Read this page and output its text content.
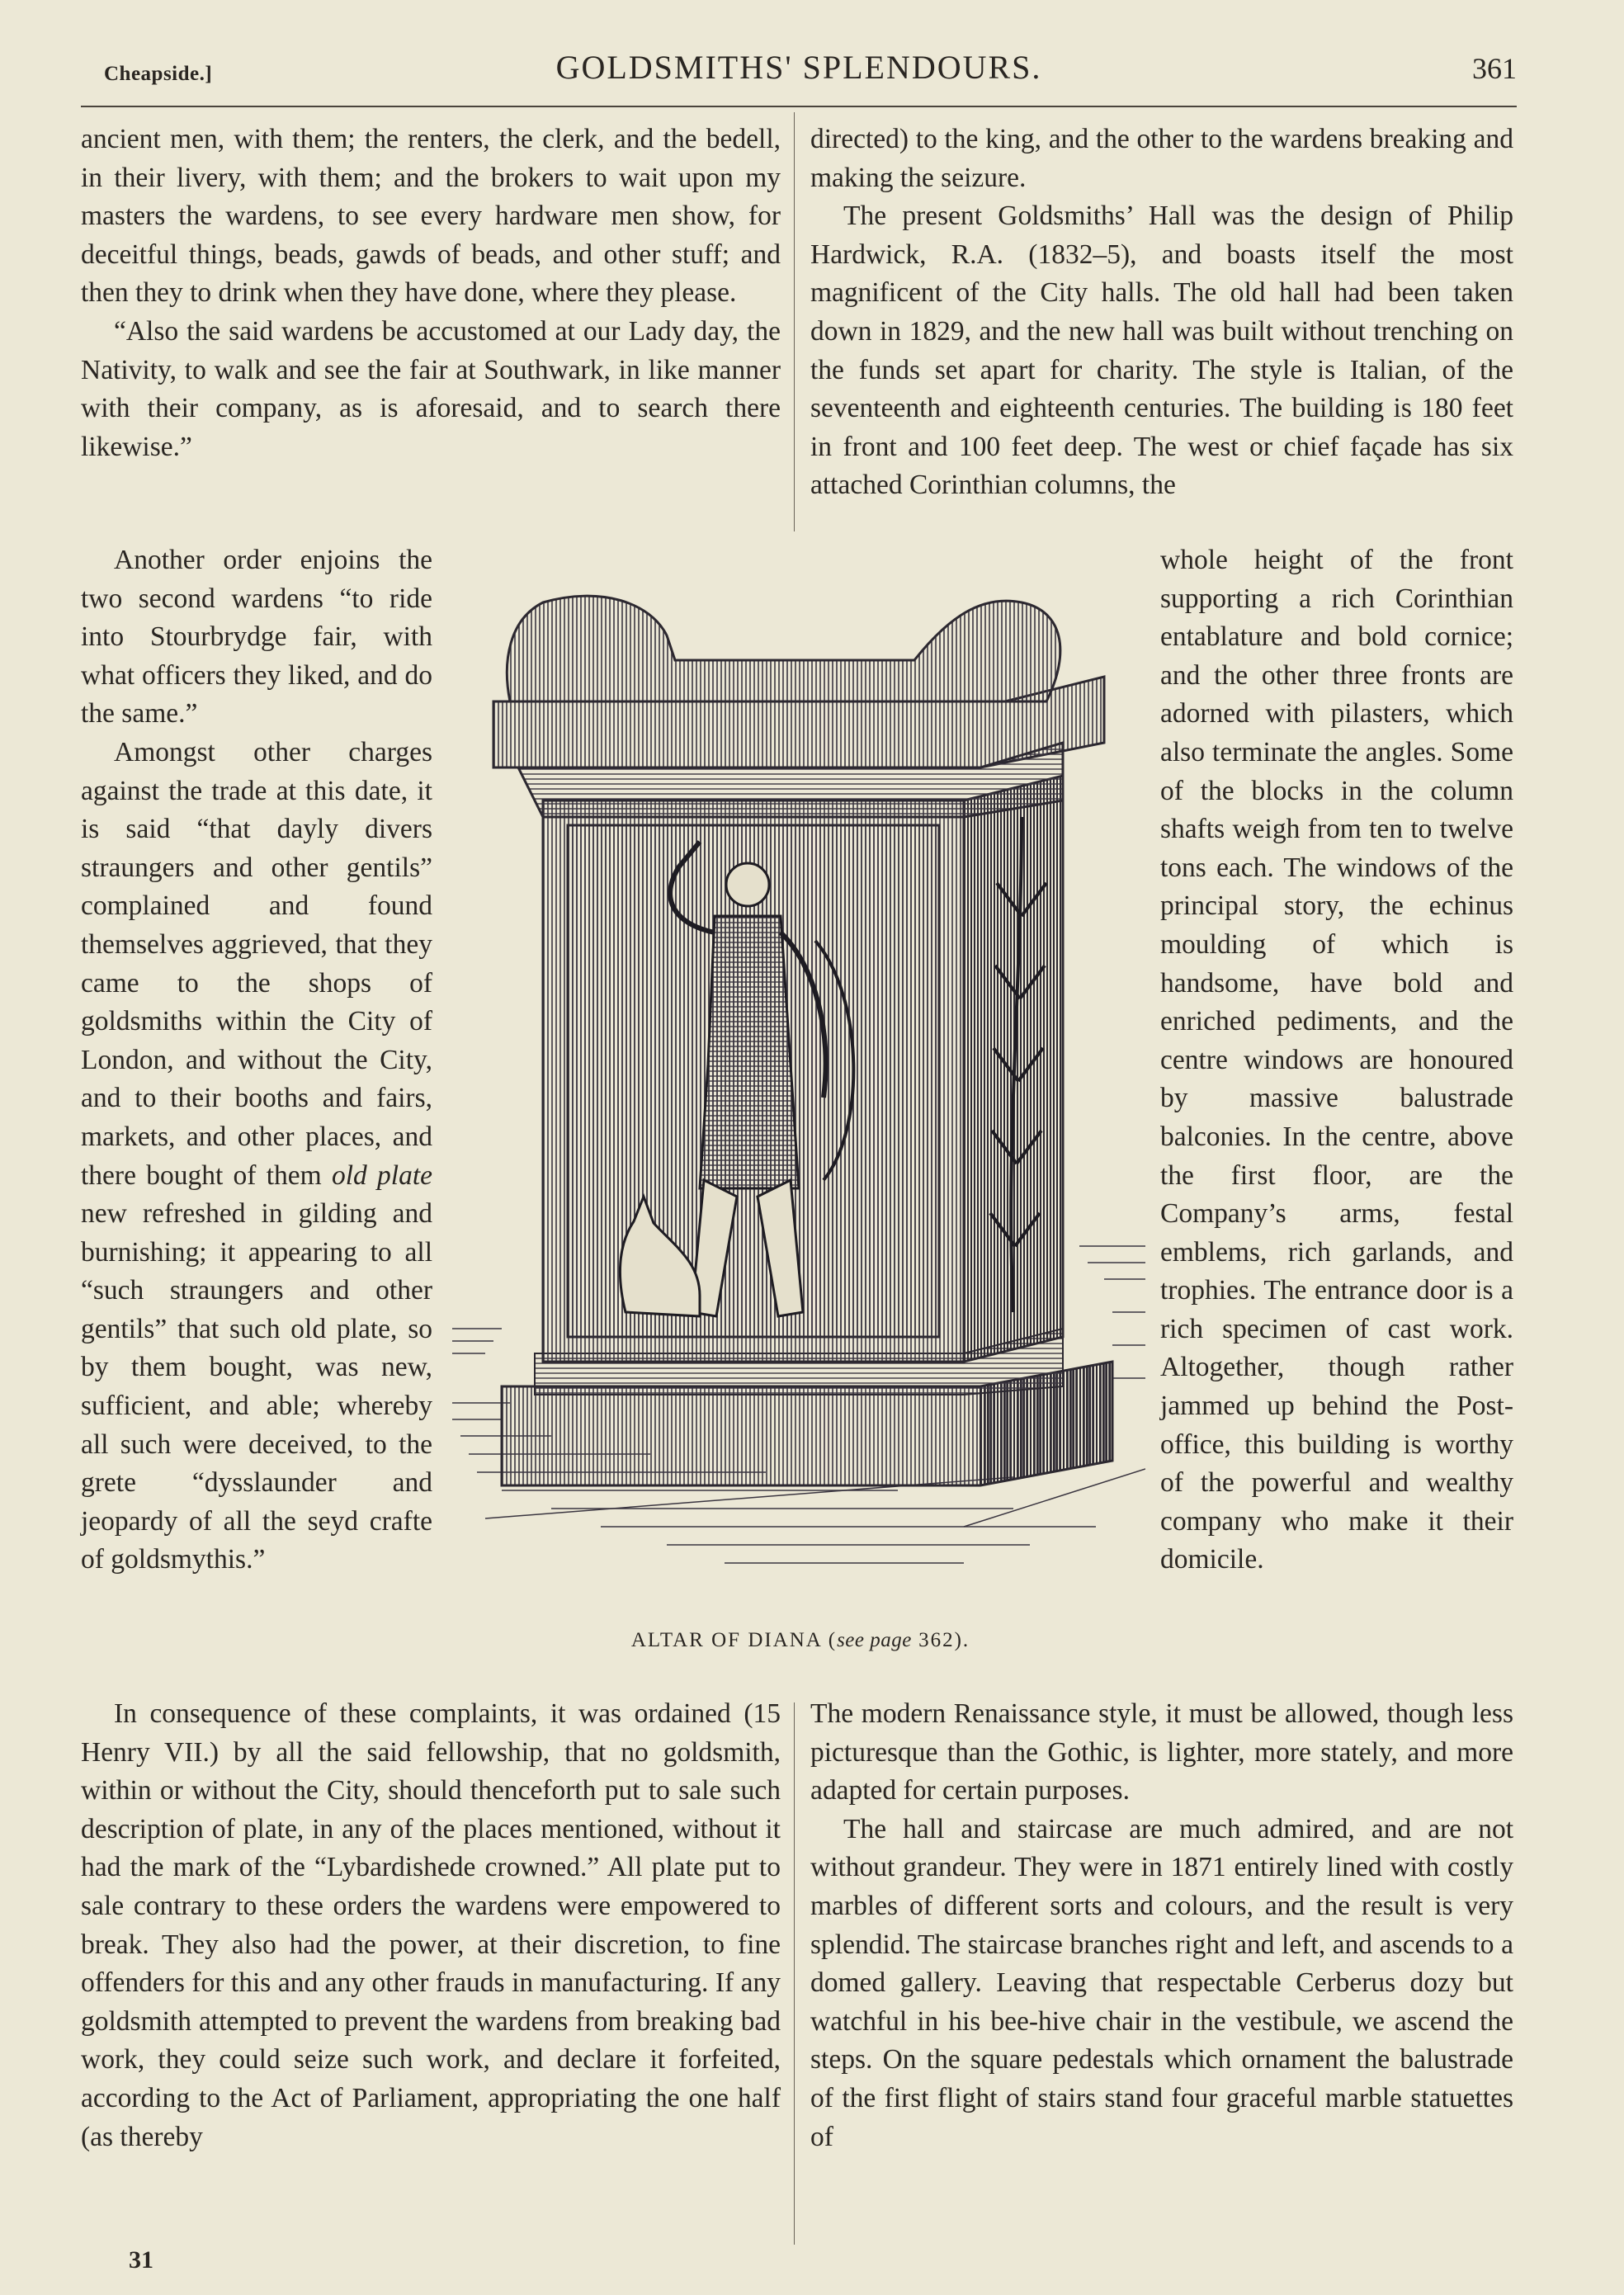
Cheapside.]	GOLDSMITHS' SPLENDOURS.	361

ancient men, with them; the renters, the clerk, and the bedell, in their livery, with them; and the brokers to wait upon my masters the wardens, to see every hardware men show, for deceitful things, beads, gawds of beads, and other stuff; and then they to drink when they have done, where they please.

“Also the said wardens be accustomed at our Lady day, the Nativity, to walk and see the fair at Southwark, in like manner with their company, as is aforesaid, and to search there likewise.”

directed) to the king, and the other to the wardens breaking and making the seizure.

The present Goldsmiths’ Hall was the design of Philip Hardwick, R.A. (1832–5), and boasts itself the most magnificent of the City halls. The old hall had been taken down in 1829, and the new hall was built without trenching on the funds set apart for charity. The style is Italian, of the seventeenth and eighteenth centuries. The building is 180 feet in front and 100 feet deep. The west or chief façade has six attached Corinthian columns, the

Another order enjoins the two second wardens “to ride into Stourbrydge fair, with what officers they liked, and do the same.”

Amongst other charges against the trade at this date, it is said “that dayly divers straungers and other gentils” complained and found themselves aggrieved, that they came to the shops of goldsmiths within the City of London, and without the City, and to their booths and fairs, markets, and other places, and there bought of them old plate new refreshed in gilding and burnishing; it appearing to all “such straungers and other gentils” that such old plate, so by them bought, was new, sufficient, and able; whereby all such were deceived, to the grete “dysslaunder and jeopardy of all the seyd crafte of goldsmythis.”

whole height of the front supporting a rich Corinthian entablature and bold cornice; and the other three fronts are adorned with pilasters, which also terminate the angles. Some of the blocks in the column shafts weigh from ten to twelve tons each. The windows of the principal story, the echinus moulding of which is handsome, have bold and enriched pediments, and the centre windows are honoured by massive balustrade balconies. In the centre, above the first floor, are the Company’s arms, festal emblems, rich garlands, and trophies. The entrance door is a rich specimen of cast work. Altogether, though rather jammed up behind the Post-office, this building is worthy of the powerful and wealthy company who make it their domicile.

ALTAR OF DIANA (see page 362).

In consequence of these complaints, it was ordained (15 Henry VII.) by all the said fellowship, that no goldsmith, within or without the City, should thenceforth put to sale such description of plate, in any of the places mentioned, without it had the mark of the “Lybardishede crowned.” All plate put to sale contrary to these orders the wardens were empowered to break. They also had the power, at their discretion, to fine offenders for this and any other frauds in manufacturing. If any goldsmith attempted to prevent the wardens from breaking bad work, they could seize such work, and declare it forfeited, according to the Act of Parliament, appropriating the one half (as thereby

The modern Renaissance style, it must be allowed, though less picturesque than the Gothic, is lighter, more stately, and more adapted for certain purposes.

The hall and staircase are much admired, and are not without grandeur. They were in 1871 entirely lined with costly marbles of different sorts and colours, and the result is very splendid. The staircase branches right and left, and ascends to a domed gallery. Leaving that respectable Cerberus dozy but watchful in his bee-hive chair in the vestibule, we ascend the steps. On the square pedestals which ornament the balustrade of the first flight of stairs stand four graceful marble statuettes of

31
